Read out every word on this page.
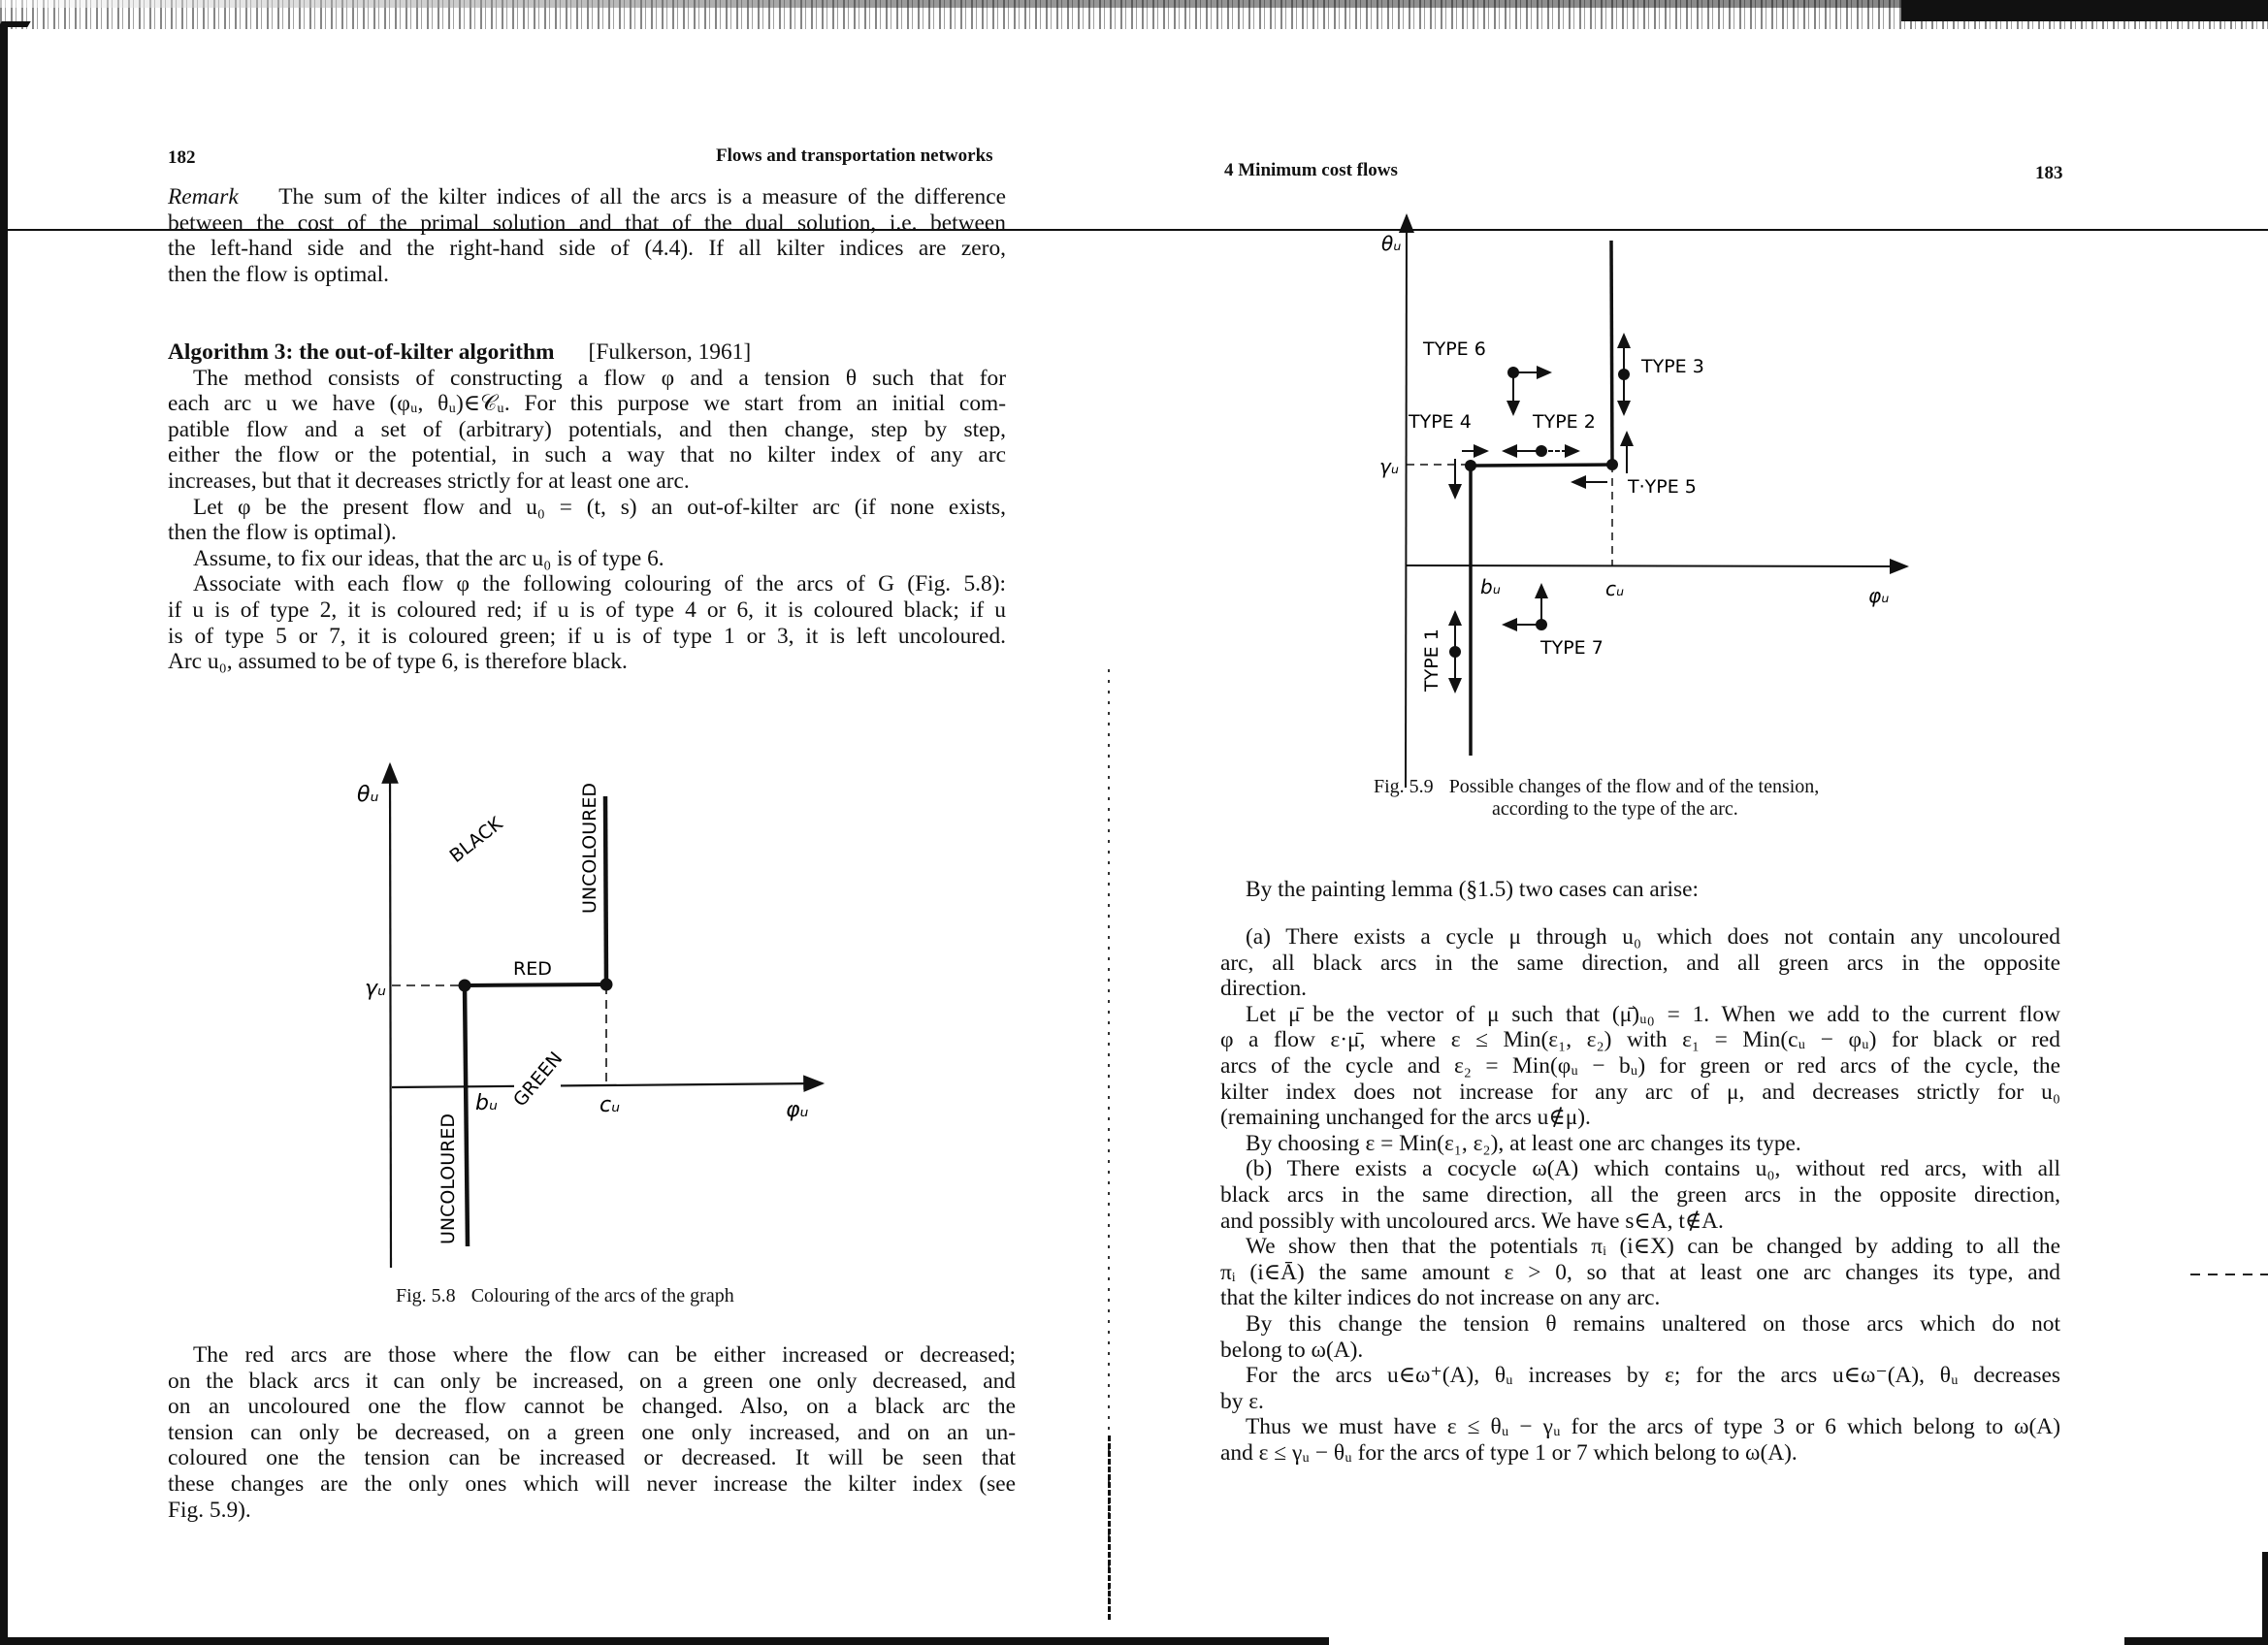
182	Flows and transportation networks
Remark The sum of the kilter indices of all the arcs is a measure of the difference
between the cost of the primal solution and that of the dual solution, i.e. between
the left-hand side and the right-hand side of (4.4). If all kilter indices are zero,
then the flow is optimal.
Algorithm 3: the out-of-kilter algorithm [Fulkerson, 1961]
The method consists of constructing a flow φ and a tension θ such that for
each arc u we have (φᵤ, θᵤ)∈𝒞ᵤ. For this purpose we start from an initial com-
patible flow and a set of (arbitrary) potentials, and then change, step by step,
either the flow or the potential, in such a way that no kilter index of any arc
increases, but that it decreases strictly for at least one arc.
Let φ be the present flow and u₀ = (t, s) an out-of-kilter arc (if none exists,
then the flow is optimal).
Assume, to fix our ideas, that the arc u₀ is of type 6.
Associate with each flow φ the following colouring of the arcs of G (Fig. 5.8):
if u is of type 2, it is coloured red; if u is of type 4 or 6, it is coloured black; if u
is of type 5 or 7, it is coloured green; if u is of type 1 or 3, it is left uncoloured.
Arc u₀, assumed to be of type 6, is therefore black.
θᵤ
φᵤ
γᵤ
bᵤ	cᵤ
BLACK
RED
GREEN
UNCOLOURED
UNCOLOURED
Fig. 5.8 Colouring of the arcs of the graph
The red arcs are those where the flow can be either increased or decreased;
on the black arcs it can only be increased, on a green one only decreased, and
on an uncoloured one the flow cannot be changed. Also, on a black arc the
tension can only be decreased, on a green one only increased, and on an un-
coloured one the tension can be increased or decreased. It will be seen that
these changes are the only ones which will never increase the kilter index (see
Fig. 5.9).
4 Minimum cost flows	183
θᵤ
φᵤ
γᵤ
bᵤ	cᵤ
TYPE 6
TYPE 3
TYPE 4	TYPE 2
T·YPE 5
TYPE 7
TYPE 1
Fig. 5.9 Possible changes of the flow and of the tension,
according to the type of the arc.
By the painting lemma (§1.5) two cases can arise:
(a) There exists a cycle μ through u₀ which does not contain any uncoloured
arc, all black arcs in the same direction, and all green arcs in the opposite
direction.
Let μ̄ be the vector of μ such that (μ̄)ᵤ₀ = 1. When we add to the current flow
φ a flow ε·μ̄, where ε ≤ Min(ε₁, ε₂) with ε₁ = Min(cᵤ − φᵤ) for black or red
arcs of the cycle and ε₂ = Min(φᵤ − bᵤ) for green or red arcs of the cycle, the
kilter index does not increase for any arc of μ, and decreases strictly for u₀
(remaining unchanged for the arcs u∉μ).
By choosing ε = Min(ε₁, ε₂), at least one arc changes its type.
(b) There exists a cocycle ω(A) which contains u₀, without red arcs, with all
black arcs in the same direction, all the green arcs in the opposite direction,
and possibly with uncoloured arcs. We have s∈A, t∉A.
We show then that the potentials πᵢ (i∈X) can be changed by adding to all the
πᵢ (i∈Ā) the same amount ε > 0, so that at least one arc changes its type, and
that the kilter indices do not increase on any arc.
By this change the tension θ remains unaltered on those arcs which do not
belong to ω(A).
For the arcs u∈ω⁺(A), θᵤ increases by ε; for the arcs u∈ω⁻(A), θᵤ decreases
by ε.
Thus we must have ε ≤ θᵤ − γᵤ for the arcs of type 3 or 6 which belong to ω(A)
and ε ≤ γᵤ − θᵤ for the arcs of type 1 or 7 which belong to ω(A).
